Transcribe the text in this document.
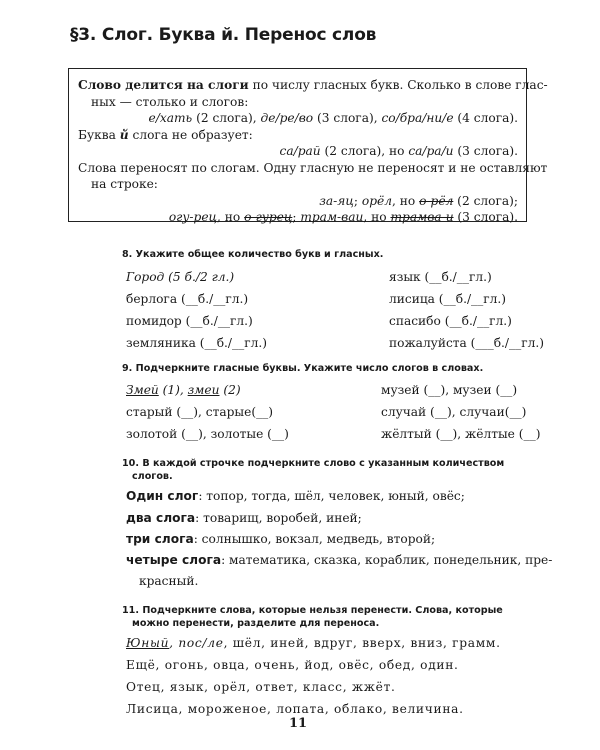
§3. Слог. Буква й. Перенос слов
Слово делится на слоги по числу гласных букв. Сколько в слове глас-
ных — столько и слогов:
е/хать (2 слога), де/ре/во (3 слога), со/бра/ни/е (4 слога).
Буква й слога не образует:
са/рай (2 слога), но са/ра/и (3 слога).
Слова переносят по слогам. Одну гласную не переносят и не оставляют
на строке:
за-яц; орёл, но о-рёл (2 слога);
огу-рец, но о-гурец; трам-ваи, но трамва-и (3 слога).
8. Укажите общее количество букв и гласных.
Город (5 б./2 гл.)
берлога (__б./__гл.)
помидор (__б./__гл.)
земляника (__б./__гл.)
язык (__б./__гл.)
лисица (__б./__гл.)
спасибо (__б./__гл.)
пожалуйста (___б./__гл.)
9. Подчеркните гласные буквы. Укажите число слогов в словах.
Змей (1), змеи (2)
старый (__), старые(__)
золотой (__), золотые (__)
музей (__), музеи (__)
случай (__), случаи(__)
жёлтый (__), жёлтые (__)
10. В каждой строчке подчеркните слово с указанным количеством
слогов.
Один слог: топор, тогда, шёл, человек, юный, овёс;
два слога: товарищ, воробей, иней;
три слога: солнышко, вокзал, медведь, второй;
четыре слога: математика, сказка, кораблик, понедельник, пре-
красный.
11. Подчеркните слова, которые нельзя перенести. Слова, которые
можно перенести, разделите для переноса.
Юный, пос/ле, шёл, иней, вдруг, вверх, вниз, грамм.
Ещё, огонь, овца, очень, йод, овёс, обед, один.
Отец, язык, орёл, ответ, класс, жжёт.
Лисица, мороженое, лопата, облако, величина.
11
